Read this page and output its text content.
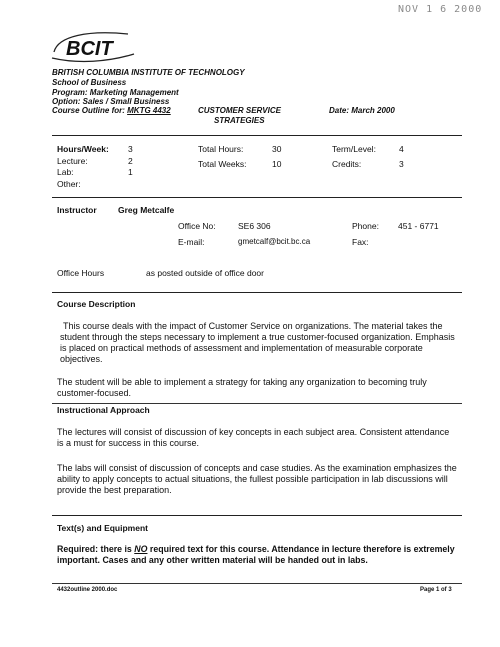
NOV 1 6 2000
BCIT
BRITISH COLUMBIA INSTITUTE OF TECHNOLOGY
School of Business
Program: Marketing Management
Option: Sales / Small Business
Course Outline for: MKTG 4432	CUSTOMER SERVICE
STRATEGIES
Date: March 2000
Hours/Week: 3
Lecture:	2
Lab:	1
Other:
Total Hours:	30
Total Weeks:	10
Term/Level:	4
Credits:	3
Instructor	Greg Metcalfe
Office No:	SE6 306	Phone: 451 - 6771
E-mail:	gmetcalf@bcit.bc.ca	Fax:
Office Hours	as posted outside of office door
Course Description
This course deals with the impact of Customer Service on organizations. The material takes the student through the steps necessary to implement a true customer-focused organization. Emphasis is placed on practical methods of assessment and implementation of measurable corporate objectives.
The student will be able to implement a strategy for taking any organization to becoming truly customer-focused.
Instructional Approach
The lectures will consist of discussion of key concepts in each subject area. Consistent attendance is a must for success in this course.
The labs will consist of discussion of concepts and case studies. As the examination emphasizes the ability to apply concepts to actual situations, the fullest possible participation in lab discussions will provide the best preparation.
Text(s) and Equipment
Required: there is NO required text for this course. Attendance in lecture therefore is extremely important. Cases and any other written material will be handed out in labs.
4432outline 2000.doc	Page 1 of 3
